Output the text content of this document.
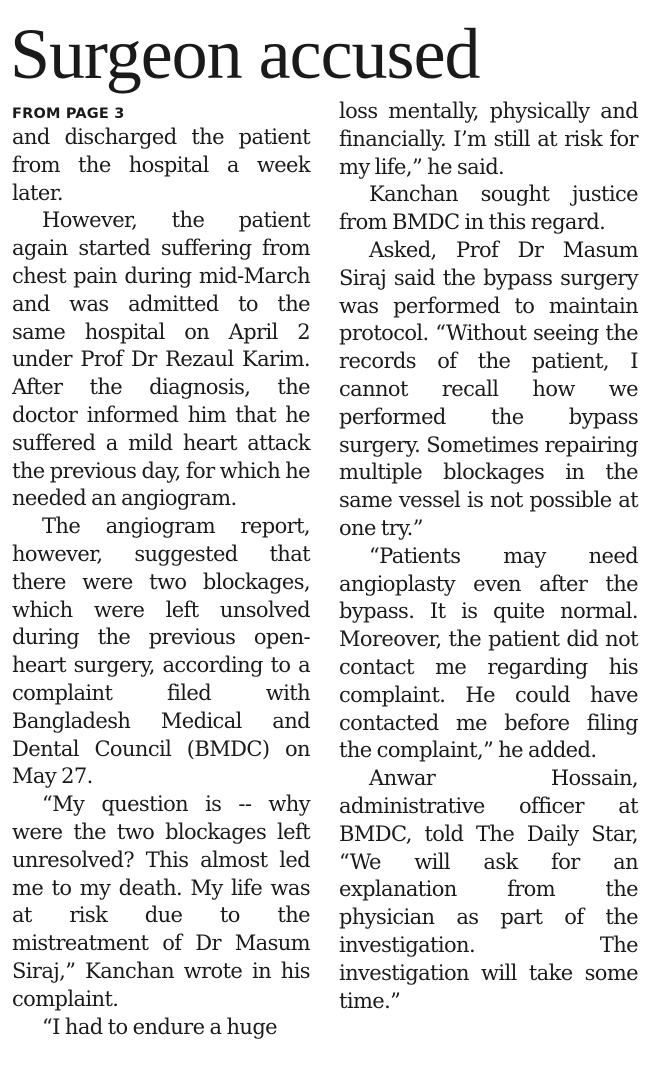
Surgeon accused
FROM PAGE 3

and discharged the patient from the hospital a week later.

However, the patient again started suffering from chest pain during mid-March and was admitted to the same hospital on April 2 under Prof Dr Rezaul Karim. After the diagnosis, the doctor informed him that he suffered a mild heart attack the previous day, for which he needed an angiogram.

The angiogram report, however, suggested that there were two blockages, which were left unsolved during the previous open-heart surgery, according to a complaint filed with Bangladesh Medical and Dental Council (BMDC) on May 27.

“My question is -- why were the two blockages left unresolved? This almost led me to my death. My life was at risk due to the mistreatment of Dr Masum Siraj,” Kanchan wrote in his complaint.

“I had to endure a huge

loss mentally, physically and financially. I’m still at risk for my life,” he said.

Kanchan sought justice from BMDC in this regard.

Asked, Prof Dr Masum Siraj said the bypass surgery was performed to maintain protocol. “Without seeing the records of the patient, I cannot recall how we performed the bypass surgery. Sometimes repairing multiple blockages in the same vessel is not possible at one try.”

“Patients may need angioplasty even after the bypass. It is quite normal. Moreover, the patient did not contact me regarding his complaint. He could have contacted me before filing the complaint,” he added.

Anwar Hossain, administrative officer at BMDC, told The Daily Star, “We will ask for an explanation from the physician as part of the investigation. The investigation will take some time.”
